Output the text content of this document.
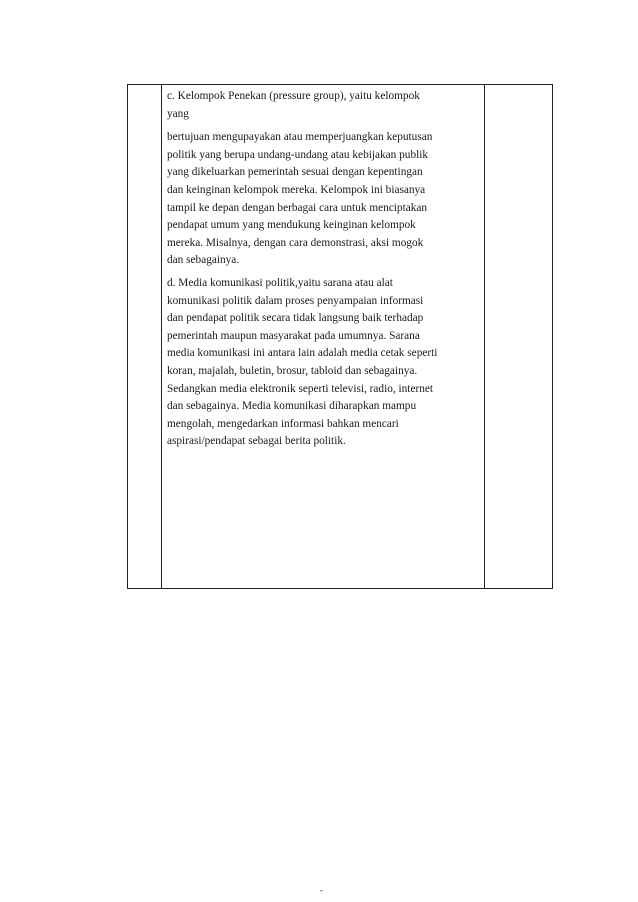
c. Kelompok Penekan (pressure group), yaitu kelompok
yang
bertujuan mengupayakan atau memperjuangkan keputusan
politik yang berupa undang-undang atau kebijakan publik
yang dikeluarkan pemerintah sesuai dengan kepentingan
dan keinginan kelompok mereka. Kelompok ini biasanya
tampil ke depan dengan berbagai cara untuk menciptakan
pendapat umum yang mendukung keinginan kelompok
mereka. Misalnya, dengan cara demonstrasi, aksi mogok
dan sebagainya.
d. Media komunikasi politik,yaitu sarana atau alat
komunikasi politik dalam proses penyampaian informasi
dan pendapat politik secara tidak langsung baik terhadap
pemerintah maupun masyarakat pada umumnya. Sarana
media komunikasi ini antara lain adalah media cetak seperti
koran, majalah, buletin, brosur, tabloid dan sebagainya.
Sedangkan media elektronik seperti televisi, radio, internet
dan sebagainya. Media komunikasi diharapkan mampu
mengolah, mengedarkan informasi bahkan mencari
aspirasi/pendapat sebagai berita politik.
-
